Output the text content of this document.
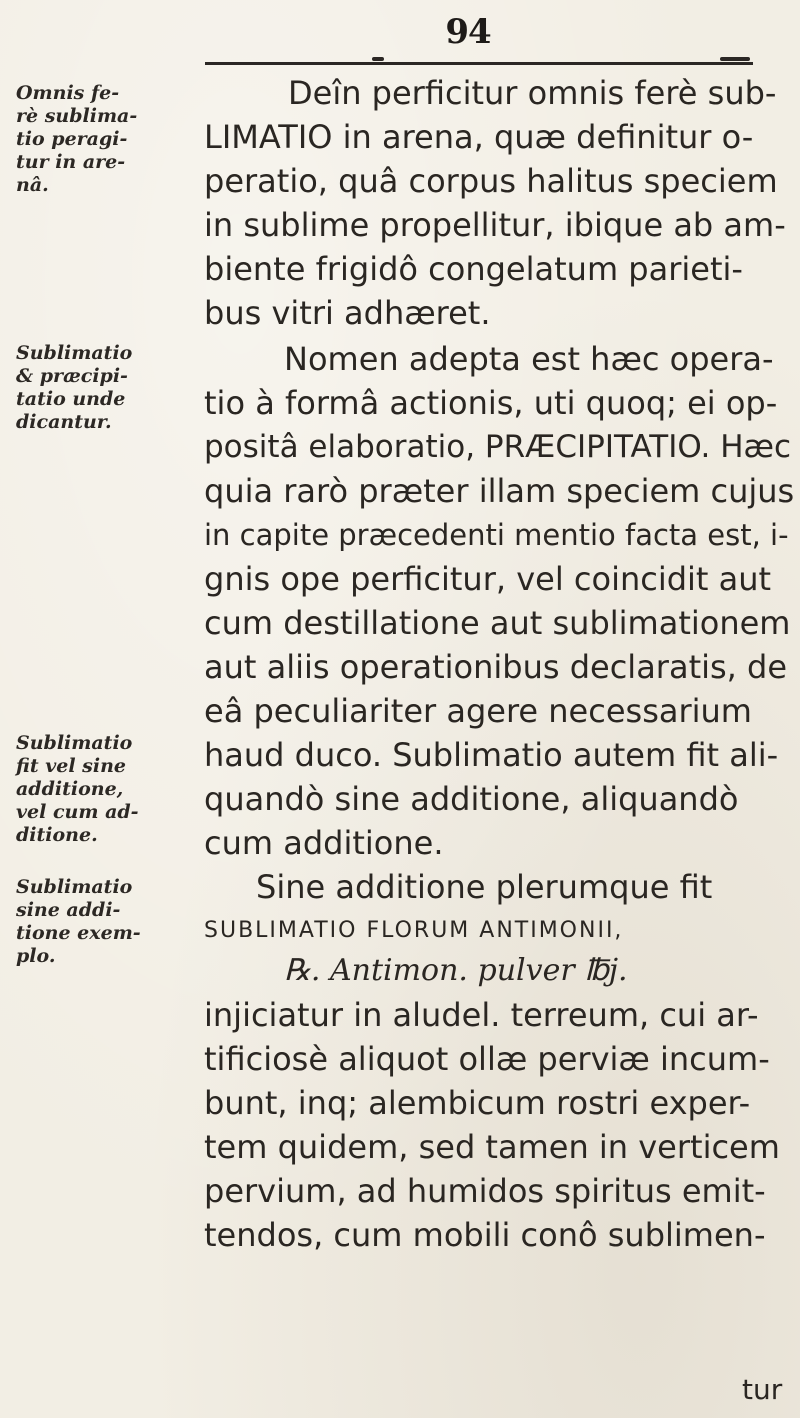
94
Omnis fe-
rè sublima-
tio peragi-
tur in are-
nâ.
Sublimatio
& præcipi-
tatio unde
dicantur.
Sublimatio
fit vel sine
additione,
vel cum ad-
ditione.
Sublimatio
sine addi-
tione exem-
plo.
Deîn perficitur omnis ferè sub-
LIMATIO in arena, quæ definitur o-
peratio, quâ corpus halitus speciem
in sublime propellitur, ibique ab am-
biente frigidô congelatum parieti-
bus vitri adhæret.
Nomen adepta est hæc opera-
tio à formâ actionis, uti quoq; ei op-
positâ elaboratio, PRÆCIPITATIO. Hæc
quia rarò præter illam speciem cujus
in capite præcedenti mentio facta est, i-
gnis ope perficitur, vel coincidit aut
cum destillatione aut sublimationem
aut aliis operationibus declaratis, de
eâ peculiariter agere necessarium
haud duco. Sublimatio autem fit ali-
quandò sine additione, aliquandò
cum additione.
Sine additione plerumque fit
SUBLIMATIO FLORUM ANTIMONII,
℞. Antimon. pulver ℔j.
injiciatur in aludel. terreum, cui ar-
tificiosè aliquot ollæ perviæ incum-
bunt, inq; alembicum rostri exper-
tem quidem, sed tamen in verticem
pervium, ad humidos spiritus emit-
tendos, cum mobili conô sublimen-
tur
